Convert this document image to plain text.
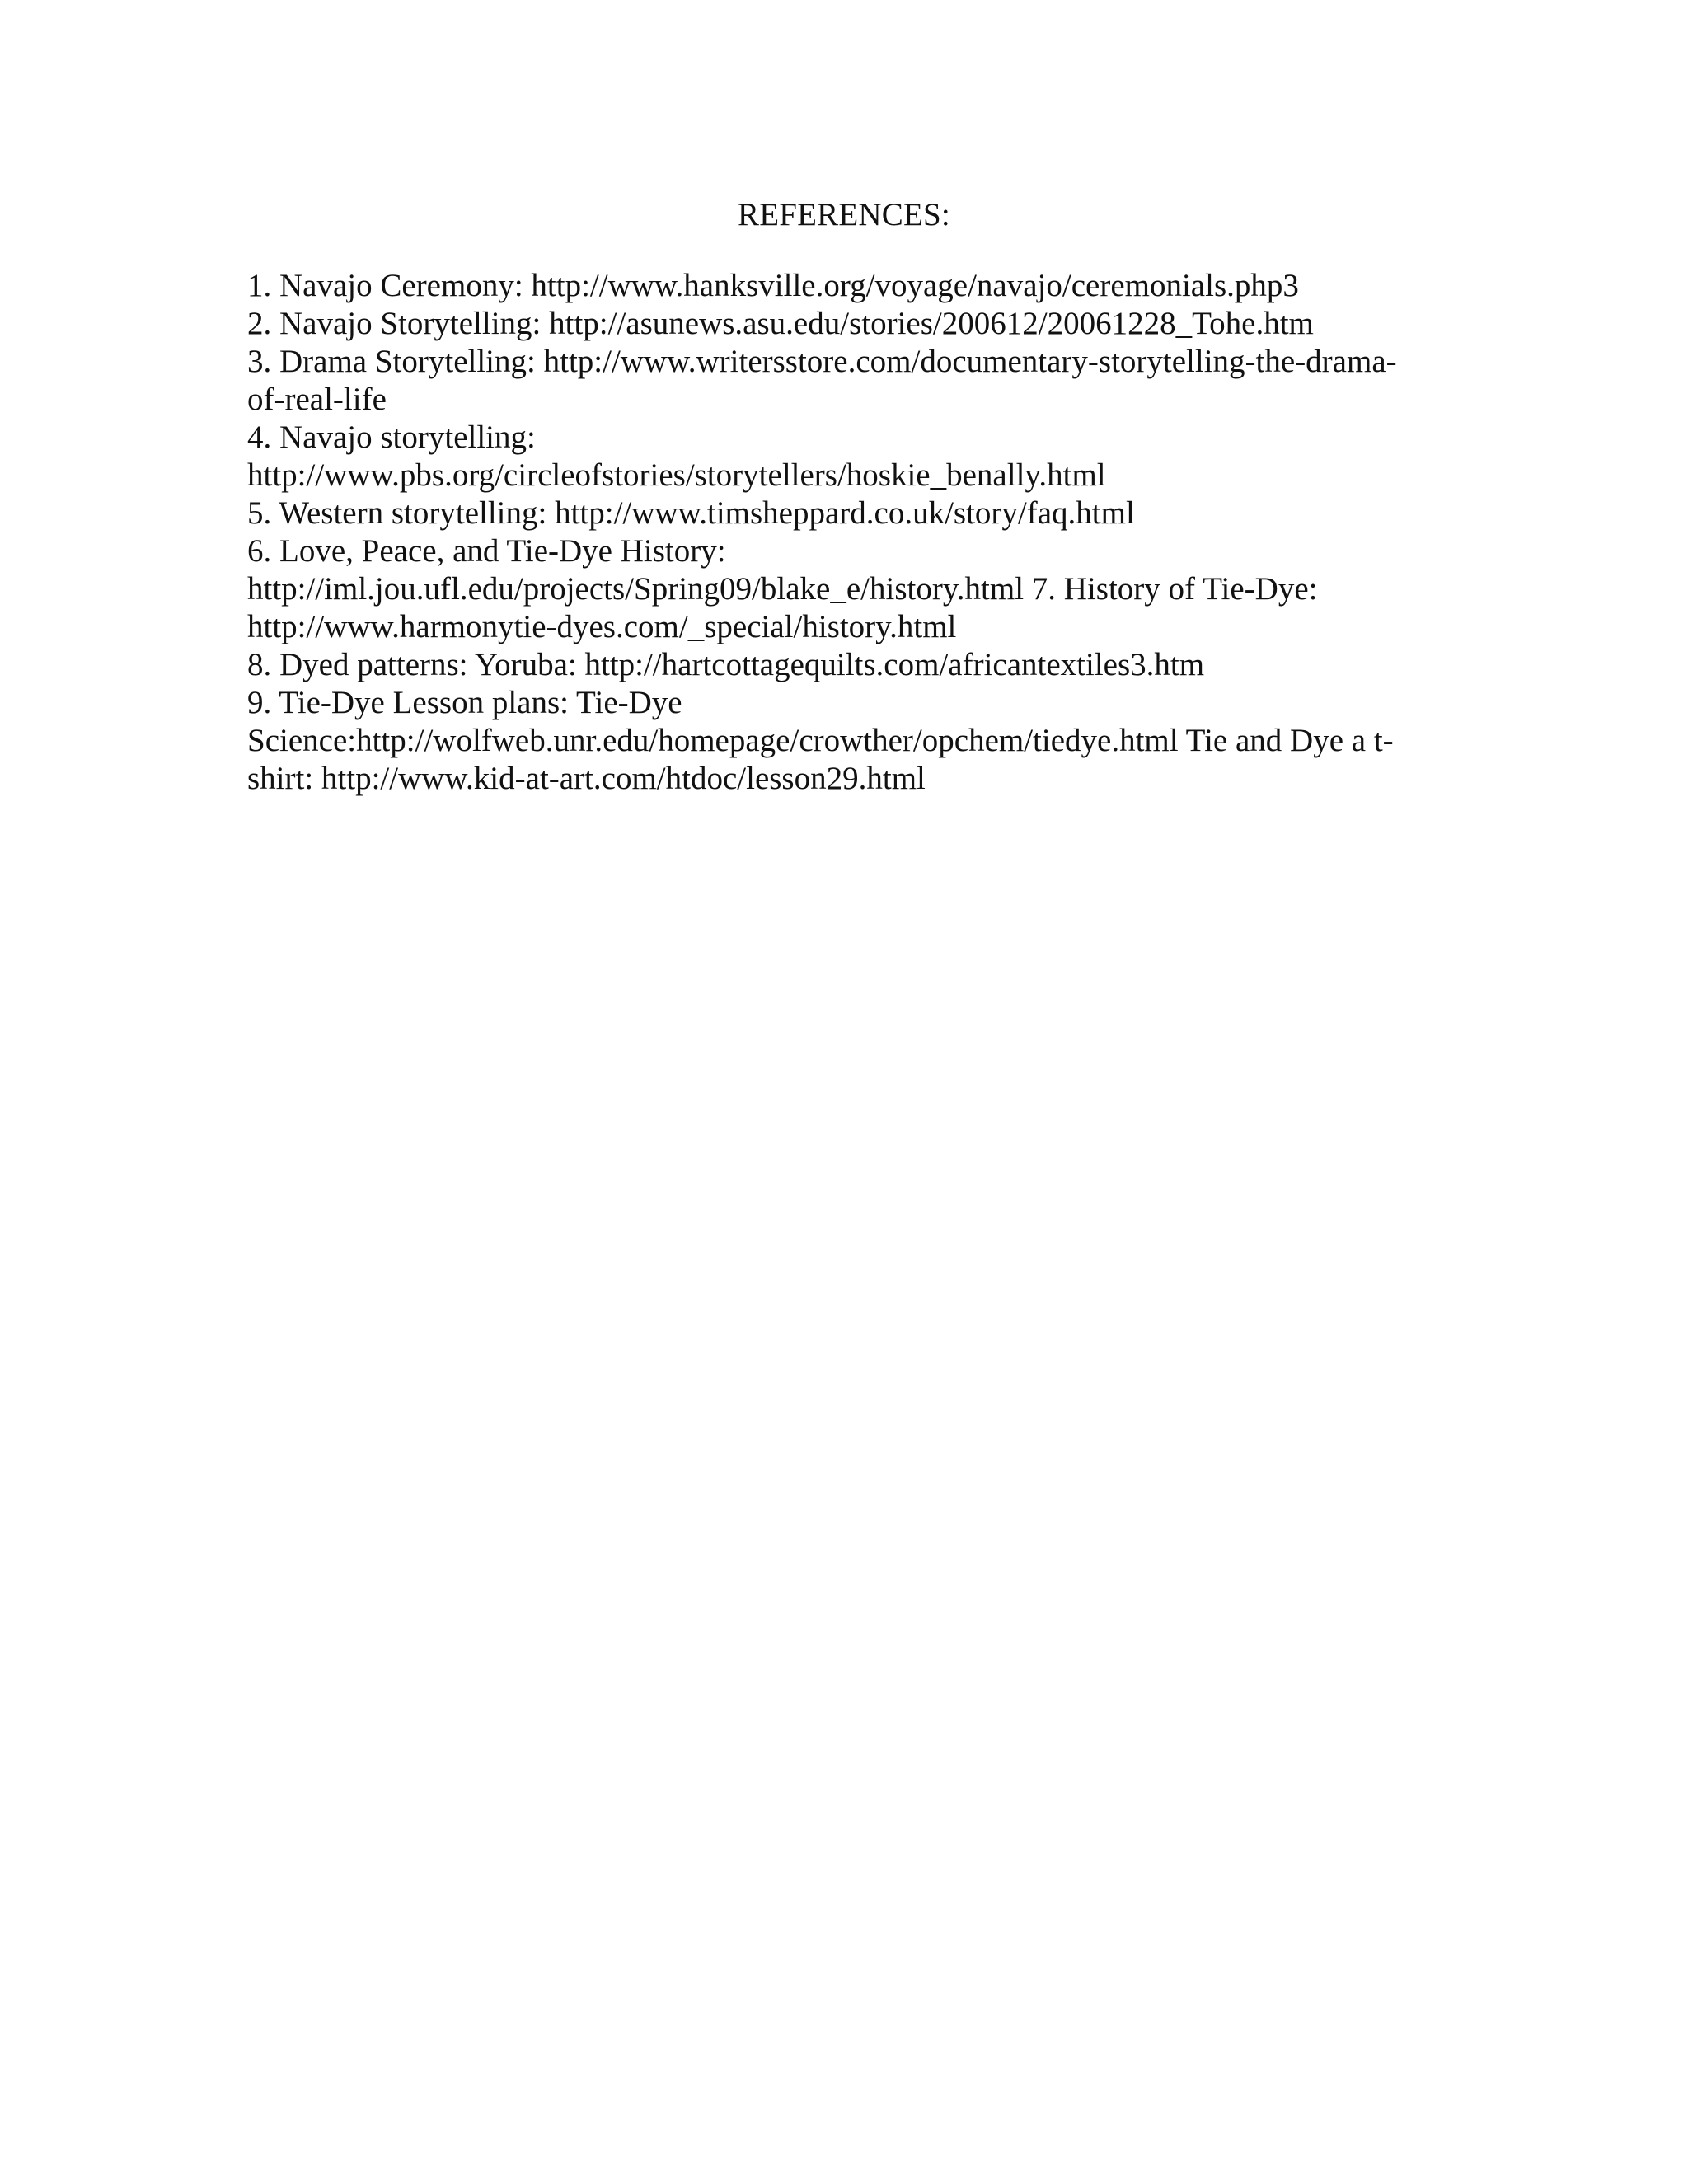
REFERENCES:
1. Navajo Ceremony: http://www.hanksville.org/voyage/navajo/ceremonials.php3
2. Navajo Storytelling: http://asunews.asu.edu/stories/200612/20061228_Tohe.htm
3. Drama Storytelling: http://www.writersstore.com/documentary-storytelling-the-drama-
of-real-life
4. Navajo storytelling:
http://www.pbs.org/circleofstories/storytellers/hoskie_benally.html
5. Western storytelling: http://www.timsheppard.co.uk/story/faq.html
6. Love, Peace, and Tie-Dye History:
http://iml.jou.ufl.edu/projects/Spring09/blake_e/history.html 7. History of Tie-Dye:
http://www.harmonytie-dyes.com/_special/history.html
8. Dyed patterns: Yoruba: http://hartcottagequilts.com/africantextiles3.htm
9. Tie-Dye Lesson plans: Tie-Dye
Science:http://wolfweb.unr.edu/homepage/crowther/opchem/tiedye.html Tie and Dye a t-
shirt: http://www.kid-at-art.com/htdoc/lesson29.html
